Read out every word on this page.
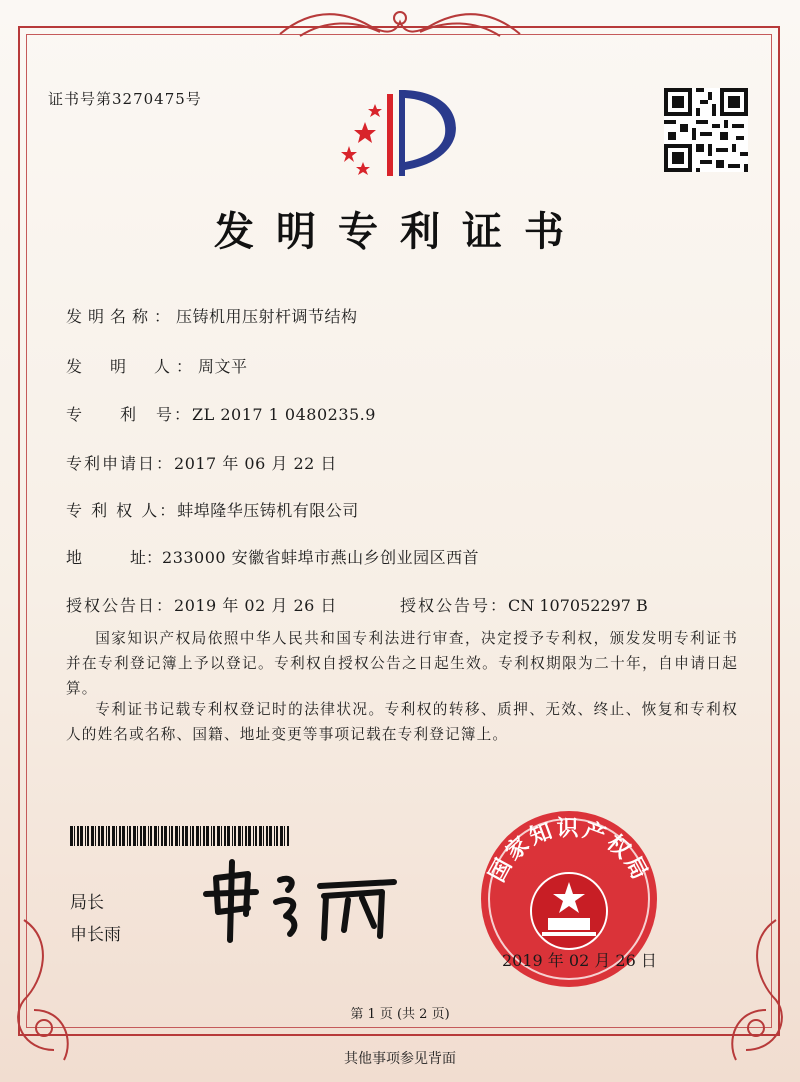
证书号第3270475号
发明专利证书
发明名称：压铸机用压射杆调节结构
发　明　人：周文平
专　　利　号：ZL 2017 1 0480235.9
专利申请日：2017 年 06 月 22 日
专 利 权 人：蚌埠隆华压铸机有限公司
地　　　址：233000 安徽省蚌埠市燕山乡创业园区西首
授权公告日：2019 年 02 月 26 日	授权公告号：CN 107052297 B
国家知识产权局依照中华人民共和国专利法进行审查，决定授予专利权，颁发发明专利证书并在专利登记簿上予以登记。专利权自授权公告之日起生效。专利权期限为二十年，自申请日起算。
专利证书记载专利权登记时的法律状况。专利权的转移、质押、无效、终止、恢复和专利权人的姓名或名称、国籍、地址变更等事项记载在专利登记簿上。
局长
申长雨
国家知识产权局
2019 年 02 月 26 日
第 1 页 (共 2 页)
其他事项参见背面
